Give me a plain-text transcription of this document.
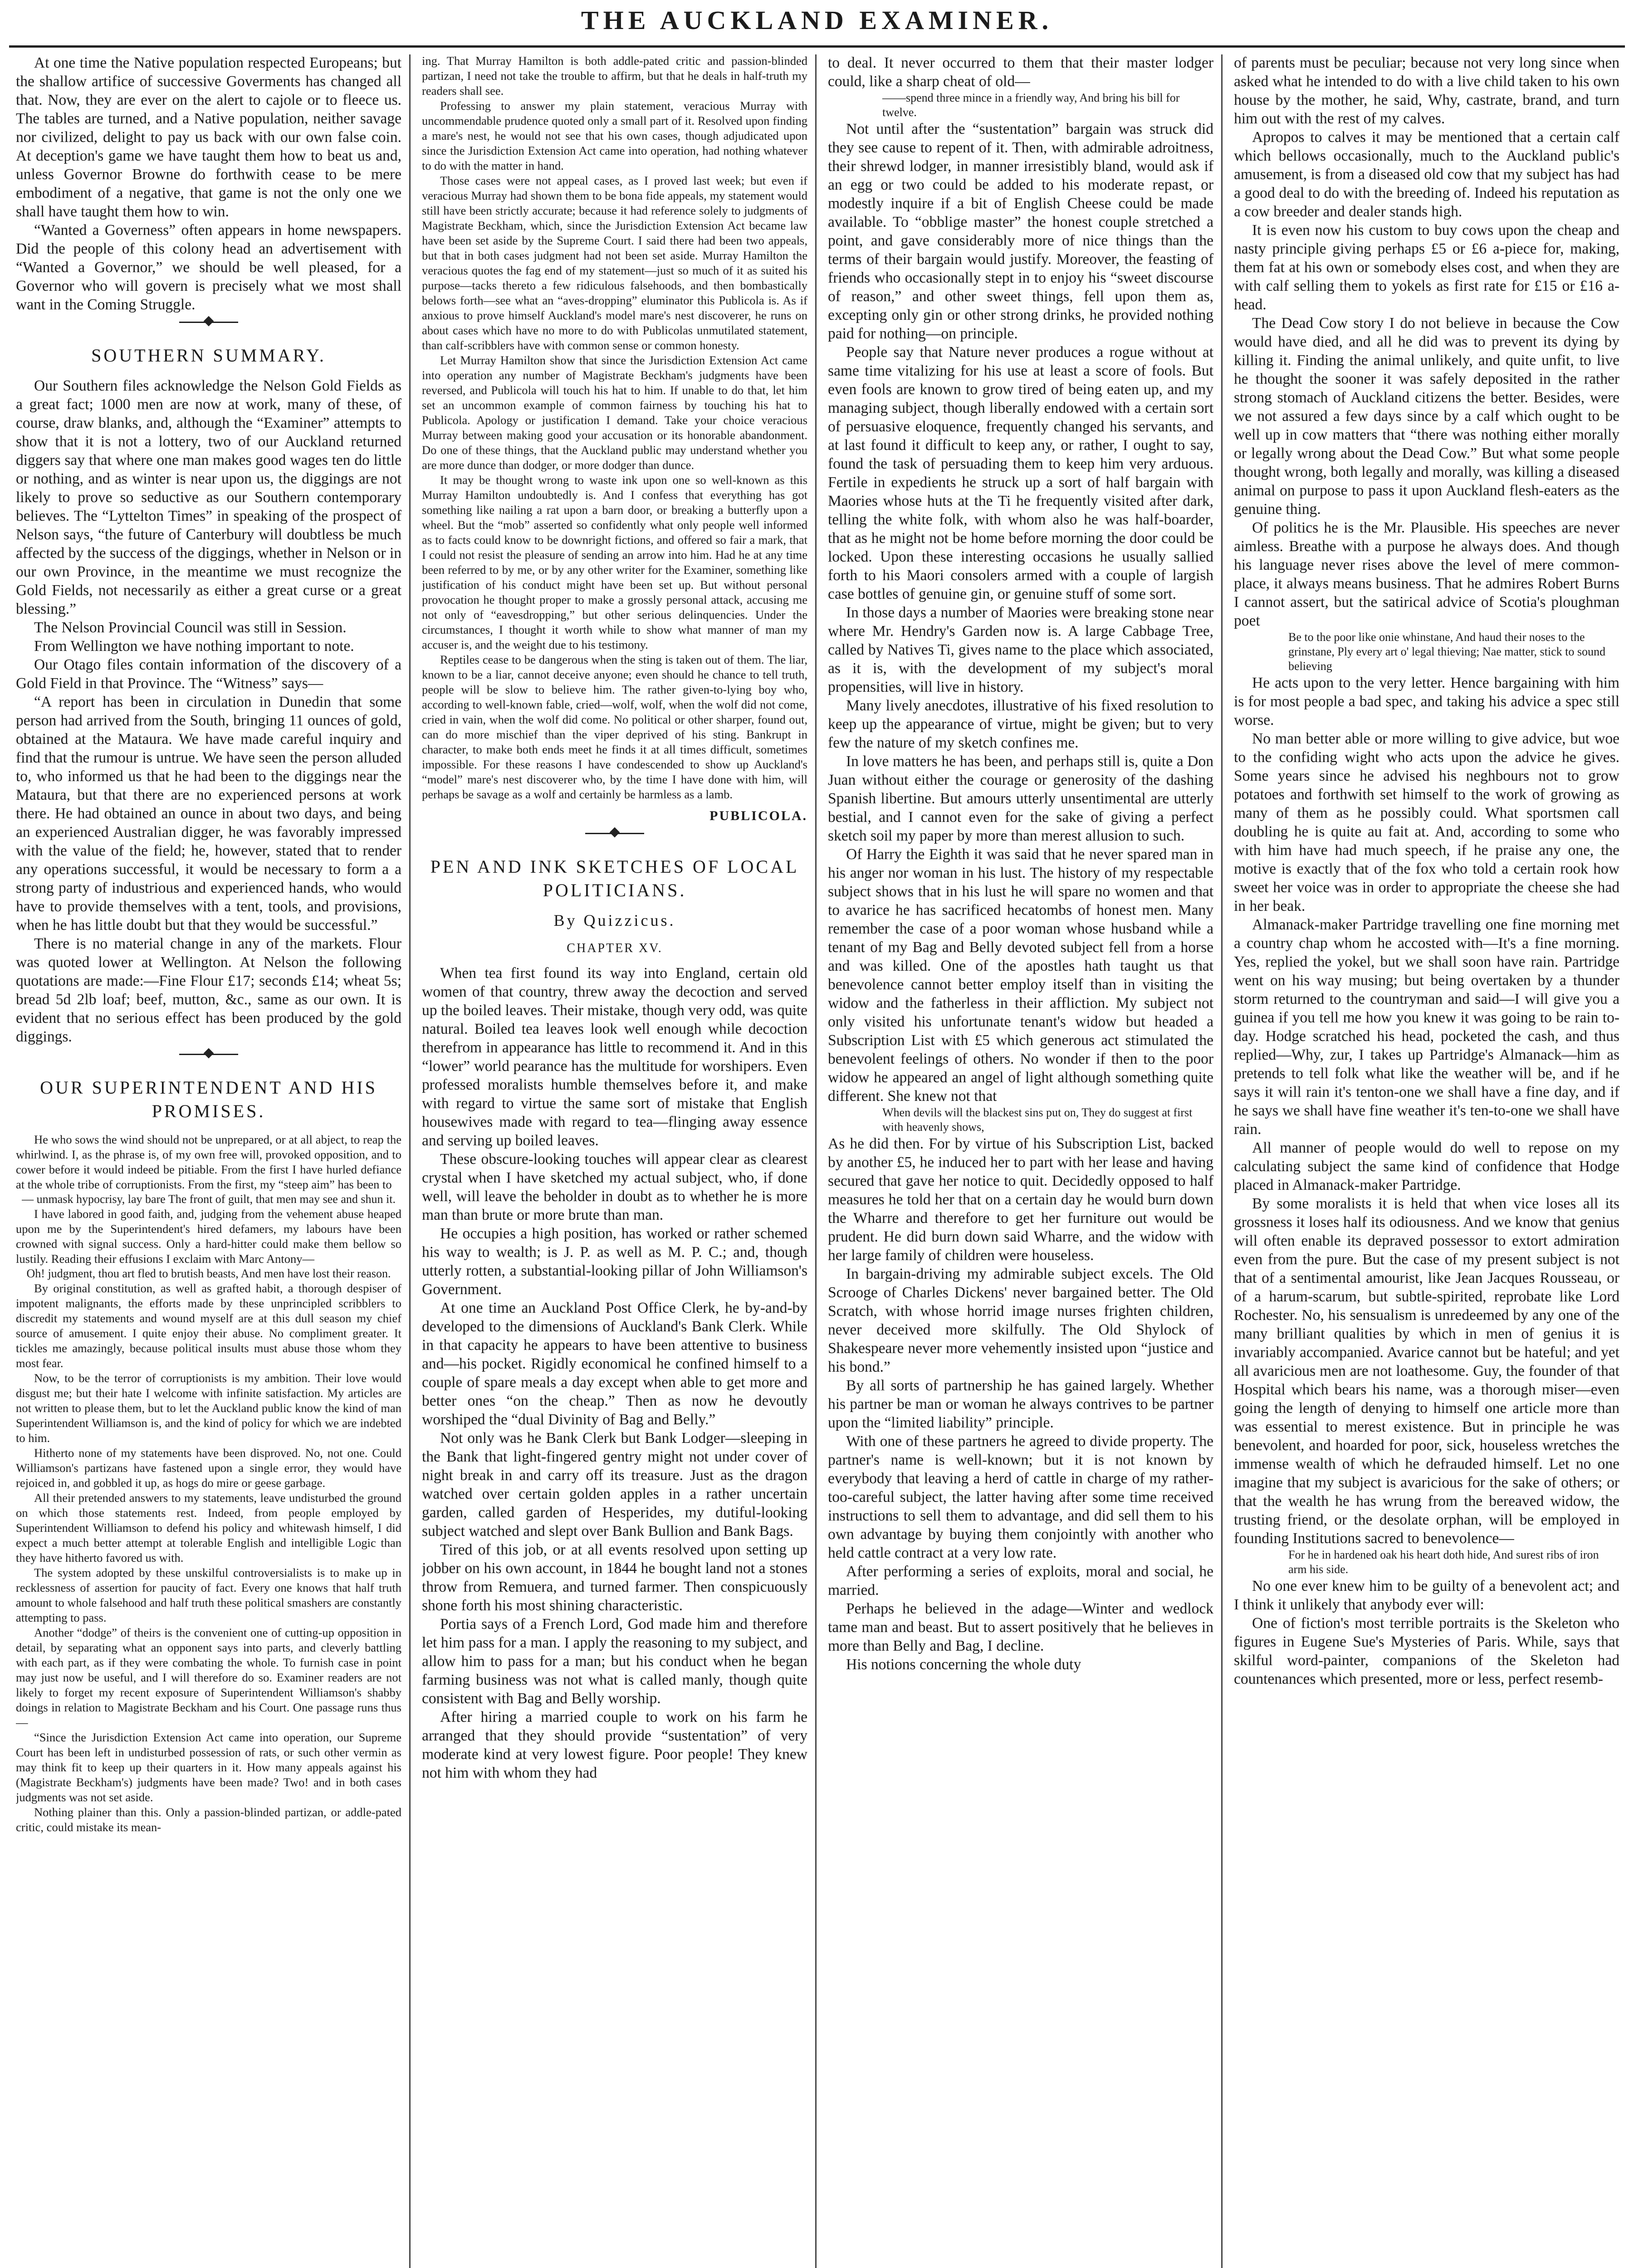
THE AUCKLAND EXAMINER.

At one time the Native population respected Europeans; but the shallow artifice of successive Goverments has changed all that. Now, they are ever on the alert to cajole or to fleece us. The tables are turned, and a Native population, neither savage nor civilized, delight to pay us back with our own false coin. At deception's game we have taught them how to beat us and, unless Governor Browne do forthwith cease to be mere embodiment of a negative, that game is not the only one we shall have taught them how to win.

“Wanted a Governess” often appears in home newspapers. Did the people of this colony head an advertisement with “Wanted a Governor,” we should be well pleased, for a Governor who will govern is precisely what we most shall want in the Coming Struggle.

SOUTHERN SUMMARY.

Our Southern files acknowledge the Nelson Gold Fields as a great fact; 1000 men are now at work, many of these, of course, draw blanks, and, although the “Examiner” attempts to show that it is not a lottery, two of our Auckland returned diggers say that where one man makes good wages ten do little or nothing, and as winter is near upon us, the diggings are not likely to prove so seductive as our Southern contemporary believes. The “Lyttelton Times” in speaking of the prospect of Nelson says, “the future of Canterbury will doubtless be much affected by the success of the diggings, whether in Nelson or in our own Province, in the meantime we must recognize the Gold Fields, not necessarily as either a great curse or a great blessing.”

The Nelson Provincial Council was still in Session.

From Wellington we have nothing important to note.

Our Otago files contain information of the discovery of a Gold Field in that Province. The “Witness” says—

“A report has been in circulation in Dunedin that some person had arrived from the South, bringing 11 ounces of gold, obtained at the Mataura. We have made careful inquiry and find that the rumour is untrue. We have seen the person alluded to, who informed us that he had been to the diggings near the Mataura, but that there are no experienced persons at work there. He had obtained an ounce in about two days, and being an experienced Australian digger, he was favorably impressed with the value of the field; he, however, stated that to render any operations successful, it would be necessary to form a a strong party of industrious and experienced hands, who would have to provide themselves with a tent, tools, and provisions, when he has little doubt but that they would be successful.”

There is no material change in any of the markets. Flour was quoted lower at Wellington. At Nelson the following quotations are made:—Fine Flour £17; seconds £14; wheat 5s; bread 5d 2lb loaf; beef, mutton, &c., same as our own. It is evident that no serious effect has been produced by the gold diggings.

OUR SUPERINTENDENT AND HIS PROMISES.

He who sows the wind should not be unprepared, or at all abject, to reap the whirlwind. I, as the phrase is, of my own free will, provoked opposition, and to cower before it would indeed be pitiable. From the first I have hurled defiance at the whole tribe of corruptionists. From the first, my “steep aim” has been to

— unmask hypocrisy, lay bare The front of guilt, that men may see and shun it.

I have labored in good faith, and, judging from the vehement abuse heaped upon me by the Superintendent's hired defamers, my labours have been crowned with signal success. Only a hard-hitter could make them bellow so lustily. Reading their effusions I exclaim with Marc Antony—

Oh! judgment, thou art fled to brutish beasts, And men have lost their reason.

By original constitution, as well as grafted habit, a thorough despiser of impotent malignants, the efforts made by these unprincipled scribblers to discredit my statements and wound myself are at this dull season my chief source of amusement. I quite enjoy their abuse. No compliment greater. It tickles me amazingly, because political insults must abuse those whom they most fear.

Now, to be the terror of corruptionists is my ambition. Their love would disgust me; but their hate I welcome with infinite satisfaction. My articles are not written to please them, but to let the Auckland public know the kind of man Superintendent Williamson is, and the kind of policy for which we are indebted to him.

Hitherto none of my statements have been disproved. No, not one. Could Williamson's partizans have fastened upon a single error, they would have rejoiced in, and gobbled it up, as hogs do mire or geese garbage.

All their pretended answers to my statements, leave undisturbed the ground on which those statements rest. Indeed, from people employed by Superintendent Williamson to defend his policy and whitewash himself, I did expect a much better attempt at tolerable English and intelligible Logic than they have hitherto favored us with.

The system adopted by these unskilful controversialists is to make up in recklessness of assertion for paucity of fact. Every one knows that half truth amount to whole falsehood and half truth these political smashers are constantly attempting to pass.

Another “dodge” of theirs is the convenient one of cutting-up opposition in detail, by separating what an opponent says into parts, and cleverly battling with each part, as if they were combating the whole. To furnish case in point may just now be useful, and I will therefore do so. Examiner readers are not likely to forget my recent exposure of Superintendent Williamson's shabby doings in relation to Magistrate Beckham and his Court. One passage runs thus—

“Since the Jurisdiction Extension Act came into operation, our Supreme Court has been left in undisturbed possession of rats, or such other vermin as may think fit to keep up their quarters in it. How many appeals against his (Magistrate Beckham's) judgments have been made? Two! and in both cases judgments was not set aside.

Nothing plainer than this. Only a passion-blinded partizan, or addle-pated critic, could mistake its mean-

ing. That Murray Hamilton is both addle-pated critic and passion-blinded partizan, I need not take the trouble to affirm, but that he deals in half-truth my readers shall see.

Professing to answer my plain statement, veracious Murray with uncommendable prudence quoted only a small part of it. Resolved upon finding a mare's nest, he would not see that his own cases, though adjudicated upon since the Jurisdiction Extension Act came into operation, had nothing whatever to do with the matter in hand.

Those cases were not appeal cases, as I proved last week; but even if veracious Murray had shown them to be bona fide appeals, my statement would still have been strictly accurate; because it had reference solely to judgments of Magistrate Beckham, which, since the Jurisdiction Extension Act became law have been set aside by the Supreme Court. I said there had been two appeals, but that in both cases judgment had not been set aside. Murray Hamilton the veracious quotes the fag end of my statement—just so much of it as suited his purpose—tacks thereto a few ridiculous falsehoods, and then bombastically belows forth—see what an “aves-dropping” eluminator this Publicola is. As if anxious to prove himself Auckland's model mare's nest discoverer, he runs on about cases which have no more to do with Publicolas unmutilated statement, than calf-scribblers have with common sense or common honesty.

Let Murray Hamilton show that since the Jurisdiction Extension Act came into operation any number of Magistrate Beckham's judgments have been reversed, and Publicola will touch his hat to him. If unable to do that, let him set an uncommon example of common fairness by touching his hat to Publicola. Apology or justification I demand. Take your choice veracious Murray between making good your accusation or its honorable abandonment. Do one of these things, that the Auckland public may understand whether you are more dunce than dodger, or more dodger than dunce.

It may be thought wrong to waste ink upon one so well-known as this Murray Hamilton undoubtedly is. And I confess that everything has got something like nailing a rat upon a barn door, or breaking a butterfly upon a wheel. But the “mob” asserted so confidently what only people well informed as to facts could know to be downright fictions, and offered so fair a mark, that I could not resist the pleasure of sending an arrow into him. Had he at any time been referred to by me, or by any other writer for the Examiner, something like justification of his conduct might have been set up. But without personal provocation he thought proper to make a grossly personal attack, accusing me not only of “eavesdropping,” but other serious delinquencies. Under the circumstances, I thought it worth while to show what manner of man my accuser is, and the weight due to his testimony.

Reptiles cease to be dangerous when the sting is taken out of them. The liar, known to be a liar, cannot deceive anyone; even should he chance to tell truth, people will be slow to believe him. The rather given-to-lying boy who, according to well-known fable, cried—wolf, wolf, when the wolf did not come, cried in vain, when the wolf did come. No political or other sharper, found out, can do more mischief than the viper deprived of his sting. Bankrupt in character, to make both ends meet he finds it at all times difficult, sometimes impossible. For these reasons I have condescended to show up Auckland's “model” mare's nest discoverer who, by the time I have done with him, will perhaps be savage as a wolf and certainly be harmless as a lamb.

PUBLICOLA.

PEN AND INK SKETCHES OF LOCAL POLITICIANS.
By Quizzicus.
CHAPTER XV.

When tea first found its way into England, certain old women of that country, threw away the decoction and served up the boiled leaves. Their mistake, though very odd, was quite natural. Boiled tea leaves look well enough while decoction therefrom in appearance has little to recommend it. And in this “lower” world pearance has the multitude for worshipers. Even professed moralists humble themselves before it, and make with regard to virtue the same sort of mistake that English housewives made with regard to tea—flinging away essence and serving up boiled leaves.

These obscure-looking touches will appear clear as clearest crystal when I have sketched my actual subject, who, if done well, will leave the beholder in doubt as to whether he is more man than brute or more brute than man.

He occupies a high position, has worked or rather schemed his way to wealth; is J. P. as well as M. P. C.; and, though utterly rotten, a substantial-looking pillar of John Williamson's Government.

At one time an Auckland Post Office Clerk, he by-and-by developed to the dimensions of Auckland's Bank Clerk. While in that capacity he appears to have been attentive to business and—his pocket. Rigidly economical he confined himself to a couple of spare meals a day except when able to get more and better ones “on the cheap.” Then as now he devoutly worshiped the “dual Divinity of Bag and Belly.”

Not only was he Bank Clerk but Bank Lodger—sleeping in the Bank that light-fingered gentry might not under cover of night break in and carry off its treasure. Just as the dragon watched over certain golden apples in a rather uncertain garden, called garden of Hesperides, my dutiful-looking subject watched and slept over Bank Bullion and Bank Bags.

Tired of this job, or at all events resolved upon setting up jobber on his own account, in 1844 he bought land not a stones throw from Remuera, and turned farmer. Then conspicuously shone forth his most shining characteristic.

Portia says of a French Lord, God made him and therefore let him pass for a man. I apply the reasoning to my subject, and allow him to pass for a man; but his conduct when he began farming business was not what is called manly, though quite consistent with Bag and Belly worship.

After hiring a married couple to work on his farm he arranged that they should provide “sustentation” of very moderate kind at very lowest figure. Poor people! They knew not him with whom they had

to deal. It never occurred to them that their master lodger could, like a sharp cheat of old—

——spend three mince in a friendly way, And bring his bill for twelve.

Not until after the “sustentation” bargain was struck did they see cause to repent of it. Then, with admirable adroitness, their shrewd lodger, in manner irresistibly bland, would ask if an egg or two could be added to his moderate repast, or modestly inquire if a bit of English Cheese could be made available. To “obblige master” the honest couple stretched a point, and gave considerably more of nice things than the terms of their bargain would justify. Moreover, the feasting of friends who occasionally stept in to enjoy his “sweet discourse of reason,” and other sweet things, fell upon them as, excepting only gin or other strong drinks, he provided nothing paid for nothing—on principle.

People say that Nature never produces a rogue without at same time vitalizing for his use at least a score of fools. But even fools are known to grow tired of being eaten up, and my managing subject, though liberally endowed with a certain sort of persuasive eloquence, frequently changed his servants, and at last found it difficult to keep any, or rather, I ought to say, found the task of persuading them to keep him very arduous. Fertile in expedients he struck up a sort of half bargain with Maories whose huts at the Ti he frequently visited after dark, telling the white folk, with whom also he was half-boarder, that as he might not be home before morning the door could be locked. Upon these interesting occasions he usually sallied forth to his Maori consolers armed with a couple of largish case bottles of genuine gin, or genuine stuff of some sort.

In those days a number of Maories were breaking stone near where Mr. Hendry's Garden now is. A large Cabbage Tree, called by Natives Ti, gives name to the place which associated, as it is, with the development of my subject's moral propensities, will live in history.

Many lively anecdotes, illustrative of his fixed resolution to keep up the appearance of virtue, might be given; but to very few the nature of my sketch confines me.

In love matters he has been, and perhaps still is, quite a Don Juan without either the courage or generosity of the dashing Spanish libertine. But amours utterly unsentimental are utterly bestial, and I cannot even for the sake of giving a perfect sketch soil my paper by more than merest allusion to such.

Of Harry the Eighth it was said that he never spared man in his anger nor woman in his lust. The history of my respectable subject shows that in his lust he will spare no women and that to avarice he has sacrificed hecatombs of honest men. Many remember the case of a poor woman whose husband while a tenant of my Bag and Belly devoted subject fell from a horse and was killed. One of the apostles hath taught us that benevolence cannot better employ itself than in visiting the widow and the fatherless in their affliction. My subject not only visited his unfortunate tenant's widow but headed a Subscription List with £5 which generous act stimulated the benevolent feelings of others. No wonder if then to the poor widow he appeared an angel of light although something quite different. She knew not that

When devils will the blackest sins put on, They do suggest at first with heavenly shows,

As he did then. For by virtue of his Subscription List, backed by another £5, he induced her to part with her lease and having secured that gave her notice to quit. Decidedly opposed to half measures he told her that on a certain day he would burn down the Wharre and therefore to get her furniture out would be prudent. He did burn down said Wharre, and the widow with her large family of children were houseless.

In bargain-driving my admirable subject excels. The Old Scrooge of Charles Dickens' never bargained better. The Old Scratch, with whose horrid image nurses frighten children, never deceived more skilfully. The Old Shylock of Shakespeare never more vehemently insisted upon “justice and his bond.”

By all sorts of partnership he has gained largely. Whether his partner be man or woman he always contrives to be partner upon the “limited liability” principle.

With one of these partners he agreed to divide property. The partner's name is well-known; but it is not known by everybody that leaving a herd of cattle in charge of my rather-too-careful subject, the latter having after some time received instructions to sell them to advantage, and did sell them to his own advantage by buying them conjointly with another who held cattle contract at a very low rate.

After performing a series of exploits, moral and social, he married.

Perhaps he believed in the adage—Winter and wedlock tame man and beast. But to assert positively that he believes in more than Belly and Bag, I decline.

His notions concerning the whole duty

of parents must be peculiar; because not very long since when asked what he intended to do with a live child taken to his own house by the mother, he said, Why, castrate, brand, and turn him out with the rest of my calves.

Apropos to calves it may be mentioned that a certain calf which bellows occasionally, much to the Auckland public's amusement, is from a diseased old cow that my subject has had a good deal to do with the breeding of. Indeed his reputation as a cow breeder and dealer stands high.

It is even now his custom to buy cows upon the cheap and nasty principle giving perhaps £5 or £6 a-piece for, making, them fat at his own or somebody elses cost, and when they are with calf selling them to yokels as first rate for £15 or £16 a-head.

The Dead Cow story I do not believe in because the Cow would have died, and all he did was to prevent its dying by killing it. Finding the animal unlikely, and quite unfit, to live he thought the sooner it was safely deposited in the rather strong stomach of Auckland citizens the better. Besides, were we not assured a few days since by a calf which ought to be well up in cow matters that “there was nothing either morally or legally wrong about the Dead Cow.” But what some people thought wrong, both legally and morally, was killing a diseased animal on purpose to pass it upon Auckland flesh-eaters as the genuine thing.

Of politics he is the Mr. Plausible. His speeches are never aimless. Breathe with a purpose he always does. And though his language never rises above the level of mere common-place, it always means business. That he admires Robert Burns I cannot assert, but the satirical advice of Scotia's ploughman poet

Be to the poor like onie whinstane, And haud their noses to the grinstane, Ply every art o' legal thieving; Nae matter, stick to sound believing

He acts upon to the very letter. Hence bargaining with him is for most people a bad spec, and taking his advice a spec still worse.

No man better able or more willing to give advice, but woe to the confiding wight who acts upon the advice he gives. Some years since he advised his neghbours not to grow potatoes and forthwith set himself to the work of growing as many of them as he possibly could. What sportsmen call doubling he is quite au fait at. And, according to some who with him have had much speech, if he praise any one, the motive is exactly that of the fox who told a certain rook how sweet her voice was in order to appropriate the cheese she had in her beak.

Almanack-maker Partridge travelling one fine morning met a country chap whom he accosted with—It's a fine morning. Yes, replied the yokel, but we shall soon have rain. Partridge went on his way musing; but being overtaken by a thunder storm returned to the countryman and said—I will give you a guinea if you tell me how you knew it was going to be rain to-day. Hodge scratched his head, pocketed the cash, and thus replied—Why, zur, I takes up Partridge's Almanack—him as pretends to tell folk what like the weather will be, and if he says it will rain it's tenton-one we shall have a fine day, and if he says we shall have fine weather it's ten-to-one we shall have rain.

All manner of people would do well to repose on my calculating subject the same kind of confidence that Hodge placed in Almanack-maker Partridge.

By some moralists it is held that when vice loses all its grossness it loses half its odiousness. And we know that genius will often enable its depraved possessor to extort admiration even from the pure. But the case of my present subject is not that of a sentimental amourist, like Jean Jacques Rousseau, or of a harum-scarum, but subtle-spirited, reprobate like Lord Rochester. No, his sensualism is unredeemed by any one of the many brilliant qualities by which in men of genius it is invariably accompanied. Avarice cannot but be hateful; and yet all avaricious men are not loathesome. Guy, the founder of that Hospital which bears his name, was a thorough miser—even going the length of denying to himself one article more than was essential to merest existence. But in principle he was benevolent, and hoarded for poor, sick, houseless wretches the immense wealth of which he defrauded himself. Let no one imagine that my subject is avaricious for the sake of others; or that the wealth he has wrung from the bereaved widow, the trusting friend, or the desolate orphan, will be employed in founding Institutions sacred to benevolence—

For he in hardened oak his heart doth hide, And surest ribs of iron arm his side.

No one ever knew him to be guilty of a benevolent act; and I think it unlikely that anybody ever will:

One of fiction's most terrible portraits is the Skeleton who figures in Eugene Sue's Mysteries of Paris. While, says that skilful word-painter, companions of the Skeleton had countenances which presented, more or less, perfect resemb-
